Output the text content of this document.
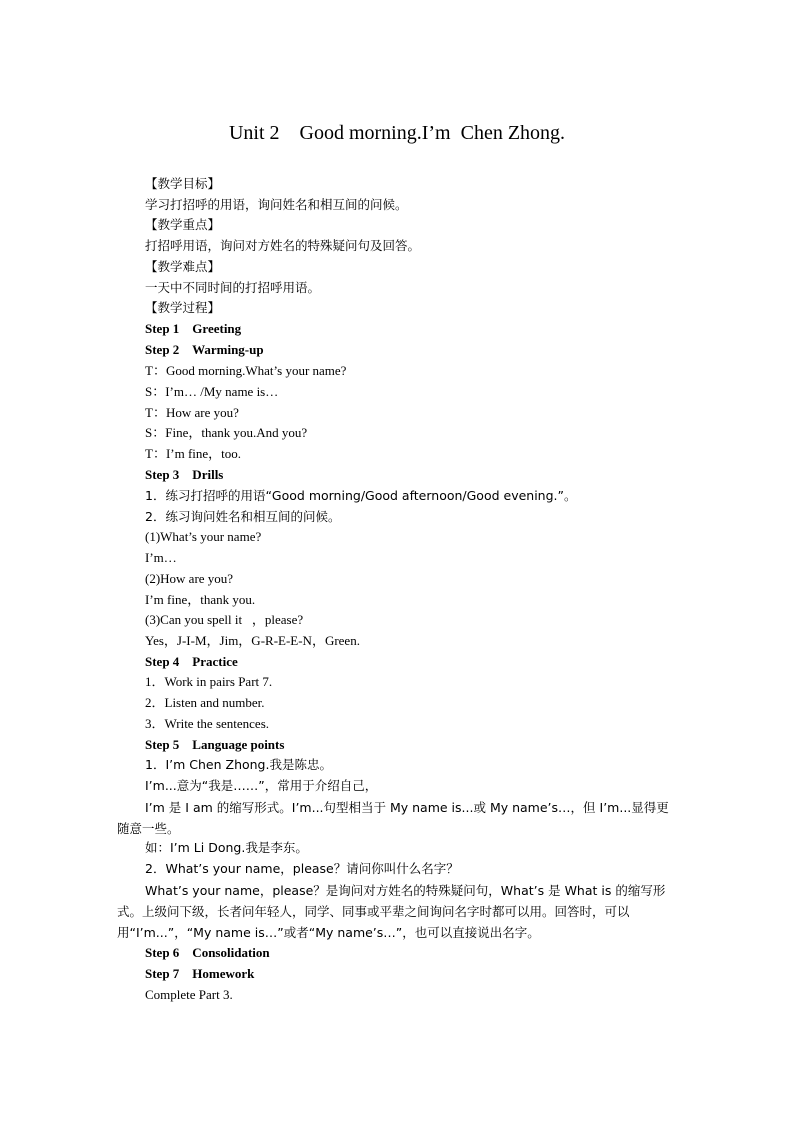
Unit 2    Good morning.I’m  Chen Zhong.
【教学目标】
学习打招呼的用语，询问姓名和相互间的问候。
【教学重点】
打招呼用语，询问对方姓名的特殊疑问句及回答。
【教学难点】
一天中不同时间的打招呼用语。
【教学过程】
Step 1    Greeting
Step 2    Warming-up
T：Good morning.What’s your name?
S：I’m… /My name is…
T：How are you?
S：Fine，thank you.And you?
T：I’m fine，too.
Step 3    Drills
1．练习打招呼的用语“Good morning/Good afternoon/Good evening.”。
2．练习询问姓名和相互间的问候。
(1)What’s your name?
I’m…
(2)How are you?
I’m fine，thank you.
(3)Can you spell it   ，please?
Yes，J-I-M，Jim，G-R-E-E-N，Green.
Step 4    Practice
1．Work in pairs Part 7.
2．Listen and number.
3．Write the sentences.
Step 5    Language points
1．I’m Chen Zhong.我是陈忠。
I’m...意为“我是……”，常用于介绍自己，
I’m 是 I am 的缩写形式。I’m...句型相当于 My name is...或 My name’s…，但 I’m...显得更随意一些。
如：I’m Li Dong.我是李东。
2．What’s your name，please？请问你叫什么名字？
What’s your name，please？是询问对方姓名的特殊疑问句，What’s 是 What is 的缩写形式。上级问下级，长者问年轻人，同学、同事或平辈之间询问名字时都可以用。回答时，可以用“I’m...”，“My name is…”或者“My name’s…”，也可以直接说出名字。
Step 6    Consolidation
Step 7    Homework
Complete Part 3.
